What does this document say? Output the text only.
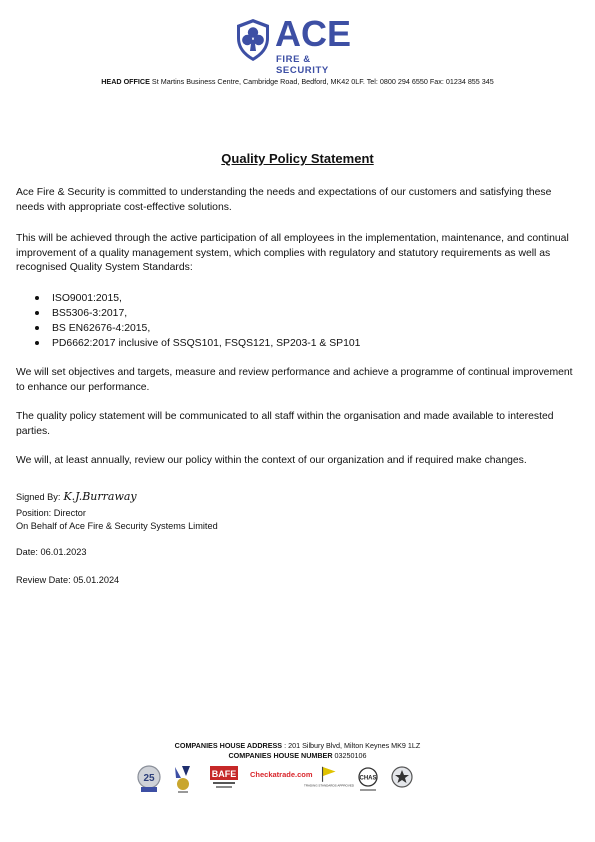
ACE
FIRE & SECURITY
HEAD OFFICE St Martins Business Centre, Cambridge Road, Bedford, MK42 0LF. Tel: 0800 294 6550 Fax: 01234 855 345
Quality Policy Statement

Ace Fire & Security is committed to understanding the needs and expectations of our customers and satisfying these needs with appropriate cost-effective solutions.

This will be achieved through the active participation of all employees in the implementation, maintenance, and continual improvement of a quality management system, which complies with regulatory and statutory requirements as well as recognised Quality System Standards:

ISO9001:2015,
BS5306-3:2017,
BS EN62676-4:2015,
PD6662:2017 inclusive of SSQS101, FSQS121, SP203-1 & SP101

We will set objectives and targets, measure and review performance and achieve a programme of continual improvement to enhance our performance.

The quality policy statement will be communicated to all staff within the organisation and made available to interested parties.

We will, at least annually, review our policy within the context of our organization and if required make changes.

Signed By: K.J.Burraway
Position: Director
On Behalf of Ace Fire & Security Systems Limited
Date: 06.01.2023
Review Date: 05.01.2024
COMPANIES HOUSE ADDRESS : 201 Silbury Blvd, Milton Keynes MK9 1LZ
COMPANIES HOUSE NUMBER 03250106
25	BAFE Checkatrade.com
TRADING STANDARDS APPROVED
CHAS
